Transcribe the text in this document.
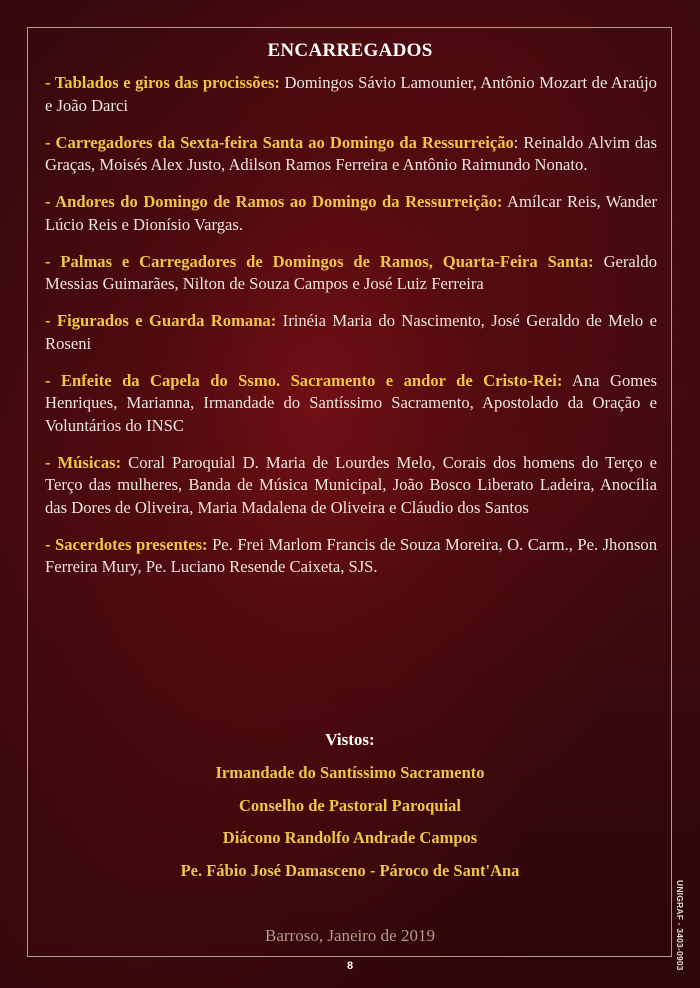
ENCARREGADOS

- Tablados e giros das procissões: Domingos Sávio Lamounier, Antônio Mozart de Araújo e João Darci

- Carregadores da Sexta-feira Santa ao Domingo da Ressurreição: Reinaldo Alvim das Graças, Moisés Alex Justo, Adilson Ramos Ferreira e Antônio Raimundo Nonato.

- Andores do Domingo de Ramos ao Domingo da Ressurreição: Amílcar Reis, Wander Lúcio Reis e Dionísio Vargas.

- Palmas e Carregadores de Domingos de Ramos, Quarta-Feira Santa: Geraldo Messias Guimarães, Nilton de Souza Campos e José Luiz Ferreira

- Figurados e Guarda Romana: Irinéia Maria do Nascimento, José Geraldo de Melo e Roseni

- Enfeite da Capela do Ssmo. Sacramento e andor de Cristo-Rei: Ana Gomes Henriques, Marianna, Irmandade do Santíssimo Sacramento, Apostolado da Oração e Voluntários do INSC

- Músicas: Coral Paroquial D. Maria de Lourdes Melo, Corais dos homens do Terço e Terço das mulheres, Banda de Música Municipal, João Bosco Liberato Ladeira, Anocília das Dores de Oliveira, Maria Madalena de Oliveira e Cláudio dos Santos

- Sacerdotes presentes: Pe. Frei Marlom Francis de Souza Moreira, O. Carm., Pe. Jhonson Ferreira Mury, Pe. Luciano Resende Caixeta, SJS.

Vistos:
Irmandade do Santíssimo Sacramento
Conselho de Pastoral Paroquial
Diácono Randolfo Andrade Campos
Pe. Fábio José Damasceno - Pároco de Sant'Ana
Barroso, Janeiro de 2019
8	UNIGRAF - 3403-0903
